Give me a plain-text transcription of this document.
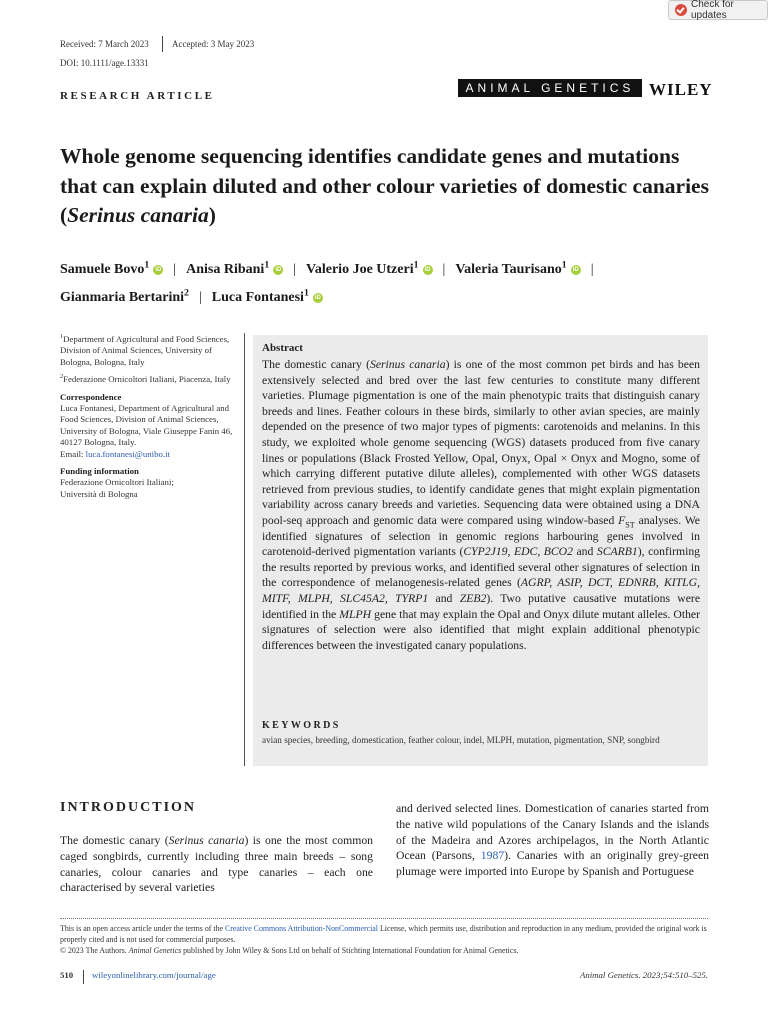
Check for updates
Received: 7 March 2023	Accepted: 3 May 2023
DOI: 10.1111/age.13331
RESEARCH ARTICLE
ANIMAL GENETICS WILEY
Whole genome sequencing identifies candidate genes and mutations that can explain diluted and other colour varieties of domestic canaries (Serinus canaria)
Samuele Bovo$^1$ iD | Anisa Ribani$^1$ iD | Valerio Joe Utzeri$^1$ iD | Valeria Taurisano$^1$ iD |
Gianmaria Bertarini$^2$ | Luca Fontanesi$^1$ iD

$^1$Department of Agricultural and Food Sciences, Division of Animal Sciences, University of Bologna, Bologna, Italy

$^2$Federazione Ornicoltori Italiani, Piacenza, Italy

Correspondence

Luca Fontanesi, Department of Agricultural and Food Sciences, Division of Animal Sciences, University of Bologna, Viale Giuseppe Fanin 46, 40127 Bologna, Italy.

Email: luca.fontanesi@unibo.it

Funding information

Federazione Ornicoltori Italiani;

Università di Bologna

Abstract
The domestic canary (Serinus canaria) is one of the most common pet birds and has been extensively selected and bred over the last few centuries to constitute many different varieties. Plumage pigmentation is one of the main phenotypic traits that distinguish canary breeds and lines. Feather colours in these birds, similarly to other avian species, are mainly depended on the presence of two major types of pigments: carotenoids and melanins. In this study, we exploited whole genome sequencing (WGS) datasets produced from five canary lines or populations (Black Frosted Yellow, Opal, Onyx, Opal × Onyx and Mogno, some of which carrying different putative dilute alleles), complemented with other WGS datasets retrieved from previous studies, to identify candidate genes that might explain pigmentation variability across canary breeds and varieties. Sequencing data were obtained using a DNA pool-seq approach and genomic data were compared using window-based $F_{ST}$ analyses. We identified signatures of selection in genomic regions harbouring genes involved in carotenoid-derived pigmentation variants (CYP2J19, EDC, BCO2 and SCARB1), confirming the results reported by previous works, and identified several other signatures of selection in the correspondence of melanogenesis-related genes (AGRP, ASIP, DCT, EDNRB, KITLG, MITF, MLPH, SLC45A2, TYRP1 and ZEB2). Two putative causative mutations were identified in the MLPH gene that may explain the Opal and Onyx dilute mutant alleles. Other signatures of selection were also identified that might explain additional phenotypic differences between the investigated canary populations.
KEYWORDS
avian species, breeding, domestication, feather colour, indel, MLPH, mutation, pigmentation, SNP, songbird
INTRODUCTION
The domestic canary (Serinus canaria) is one the most common caged songbirds, currently including three main breeds – song canaries, colour canaries and type canaries – each one characterised by several varieties
and derived selected lines. Domestication of canaries started from the native wild populations of the Canary Islands and the islands of the Madeira and Azores archipelagos, in the North Atlantic Ocean (Parsons, 1987). Canaries with an originally grey-green plumage were imported into Europe by Spanish and Portuguese
This is an open access article under the terms of the Creative Commons Attribution-NonCommercial License, which permits use, distribution and reproduction in any medium, provided the original work is properly cited and is not used for commercial purposes.
© 2023 The Authors. Animal Genetics published by John Wiley & Sons Ltd on behalf of Stichting International Foundation for Animal Genetics.
510 wileyonlinelibrary.com/journal/age	Animal Genetics. 2023;54:510–525.
